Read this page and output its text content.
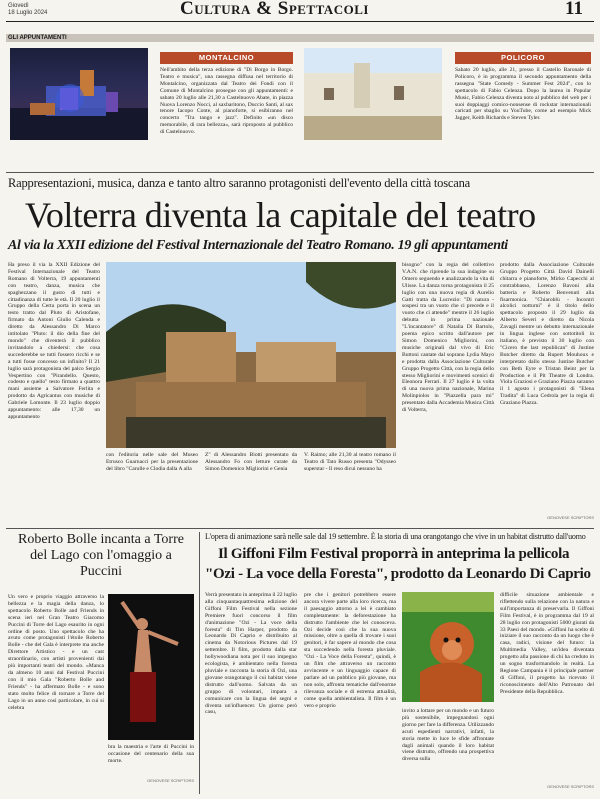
Giovedì
18 Luglio 2024	Cultura & Spettacoli	11
GLI APPUNTAMENTI
MONTALCINO
Nell'ambito della terza edizione di "Di Borgo in Borgo. Teatro e musica", una rassegna diffusa nel territorio di Montalcino, organizzata dal Teatro dei Fondi con il Comune di Montalcino prosegue con gli appuntamenti: e sabato 20 luglio alle 21,30 a Castelnuovo Abate, in piazza Nuova Lorenzo Nocci, al saxbaritono, Duccio Santi, al sax tenore Iacopo Conte, al pianoforte, si esibiranno nel concerto "Tra tango e jazz". Definito «un disco memorabile, di rara bellezza», sarà riproposto al pubblico di Castelnuovo.
POLICORO
Sabato 20 luglio, alle 21, presso il Castello Baronale di Policoro, è in programma il secondo appuntamento della rassegna "State Comedy - Summer Fest 2024", con lo spettacolo di Fabio Celenza. Dopo la laurea in Popular Music, Fabio Celenza diventa noto al pubblico del web per i suoi doppiaggi comico-nonsense di rockstar internazionali caricati per sbaglio su YouTube, come ad esempio Mick Jagger, Keith Richards e Steven Tyler.
Rappresentazioni, musica, danza e tanto altro saranno protagonisti dell'evento della città toscana
Volterra diventa la capitale del teatro
Al via la XXII edizione del Festival Internazionale del Teatro Romano. 19 gli appuntamenti
Ha preso il via la XXII Edizione del Festival Internazionale del Teatro Romano di Volterra, 19 appuntamenti con teatro, danza, musica che spaghezzano il gusto di tutti e cittadinanza di tutte le età. Il 20 luglio il Gruppo della Certa porta in scena un testo tratto dal Pluto di Aristofane, firmato da Antoni Giulio Calenda e diretto da Alessandro Di Marco intitolato "Pluto: il dio della fine del mondo" che diventerà il pubblico invitandolo a chiedersi: che cosa succederebbe se tutti fossero ricchi e se a tutti fosse concesso un infinito? Il 21 luglio sarà protagonista del palco Sergio Vespertino con "Pirandello. Questo, codesto e quello" testo firmato a quattro mani assieme a Salvatore Ferlita e prodotto da Agricantus con musiche di Gabriele Lomonte. Il 23 luglio doppio appuntamento: alle 17,30 un appuntamento
con l'editoria nelle sale del Museo Etrusco Guarnacci per la presentazione del libro "Carulle e Clodia dalla A alla
Z" di Alessandro Biotti presentato da Alessandro Fo con letture curate da Simon Domenico Migliorini e Genia
V. Raimo; alle 21,30 al teatro romano il Teatro di Tato Russo presenta "Odysseo superstar - Il reso dicui nessuno ha
bisogno" con la regia del collettivo V.A.N. che riprende la sua indagine su Omero seguendo e analizzando la vita di Ulisse. La danza torna protagonista il 25 luglio con una nuova regia di Aurelio Gatti tratta da Lucrezio: "Di natura - sospesi tra un vuoto che ci precede e il vuoto che ci attende" mentre il 26 luglio debutta in prima nazionale "L'incantatore" di Natalia Di Bartolo, poema epico scritto dall'autore per Simon Domenico Migliorini, con musiche originali dal vivo di Eric Buttoni cantate dal soprano Lydia Mayo e prodotta dalla Associazione Culturale Gruppo Progetto Città, con la regia dello stesso Migliorini e movimenti scenici di Eleonora Ferrari. Il 27 luglio è la volta di una nuova prima nazionale, Marina Molinpiolos in "Piazzella para mi" presentato dalla Accademia Musica Città di Volterra,
prodotto dalla Associazione Culturale Gruppo Progetto Città David Dainelli chitarra e pianoforte, Mirko Capecchi al contrabbasso, Lorenzo Bavoni alla batteria e Roberto Benvenuti alla fisarmonica. "Chiaroblù - Incontri alcolici notturni" è il titolo dello spettacolo proposto il 29 luglio da Alberto Severi e diretto da Nicola Zavagli mentre un debutto internazionale in lingua inglese con sottotitoli in italiano, è previsto il 30 luglio con "Cicero the last republican" di Justine Butcher diretto da Rupert Mouhoux e interpretato dallo stesso Justine Butcher con Beth Eyre e Tristan Beint per la Production e il Pit Theatre di Londra. Viola Graziosi e Graziano Piazza saranno il 1 agosto i protagonisti di "Elena Tradita" di Luca Cedrola per la regia di Graziano Piazza.
GENOVESE SCRIPTORS
Roberto Bolle incanta a Torre del Lago con l'omaggio a Puccini
Un vero e proprio viaggio attraverso la bellezza e la magia della danza, lo spettacolo Roberto Bolle and Friends in scena ieri nel Gran Teatro Giacomo Puccini di Torre del Lago esaurito in ogni ordine di posto. Uno spettacolo che ha avuto come protagonisti l'étoile Roberto Bolle - che del Gala è interprete ma anche Direttore Artistico - e un cast straordinario, con artisti provenienti dai più importanti teatri del mondo. «Manca da almeno 10 anni dal Festival Puccini con il mio Gala "Roberto Bolle and Friends" - ha affermato Bolle - e sono stato molto felice di tornare a Torre del Lago in un anno così particolare, in cui si celebra
bra la maestria e l'arte di Puccini in occasione del centenario della sua morte.
GENOVESE SCRIPTORS
L'opera di animazione sarà nelle sale dal 19 settembre. È la storia di una orangotango che vive in un habitat distrutto dall'uomo
Il Giffoni Film Festival proporrà in anteprima la pellicola
"Ozi - La voce della Foresta", prodotto da Leonardo Di Caprio
Verrà presentato in anteprima il 22 luglio alla cinquantaquattresima edizione del Giffoni Film Festival nella sezione Premiere fuori concorso il film d'animazione "Ozi - La voce della foresta" di Tim Harper, prodotto da Leonardo Di Caprio e distribuito al cinema da Notorious Pictures dal 19 settembre. Il film, prodotto dalla star hollywoodiana nota per il suo impegno ecologista, è ambientato nella foresta pluviale e racconta la storia di Ozi, una giovane orangotango il cui habitat viene distrutto dall'uomo. Salvata da un gruppo di volontari, impara a comunicare con la lingua dei segni e diventa un'influencer. Un giorno però casu,
pre che i genitori potrebbero essere ancora vivere parte alla loro ricerca, ma il paesaggio attorno a lei è cambiato completamente: la deforestazione ha distrutto l'ambiente che lei conosceva. Ozi decide così che la sua nuova missione, oltre a quella di trovare i suoi genitori, è far sapere al mondo che cosa sta succedendo nella foresta pluviale. "Ozi - La Voce della Foresta", quindi, è un film che attraverso un racconto avvincente e un linguaggio capace di parlare ad un pubblico più giovane, ma non solo, affronta tematiche dall'enorme rilevanza sociale e di estrema attualità, come quella ambientalista. Il film è un vero e proprio
invito a lottare per un mondo e un futuro più sostenibile, impegnandosi ogni giorno per fare la differenza. Utilizzando acuti espedienti narrativi, infatti, la storia mette in luce le sfide affrontate dagli animali quando il loro habitat viene distrutto, offrendo una prospettiva diversa sulla
difficile situazione ambientale e riflettendo sulla relazione con la natura e sull'importanza di preservarla. Il Giffoni Film Festival, è in programma dal 19 al 28 luglio con protagonisti 5000 giurati da 33 Paesi del mondo. «Giffoni ha scelto di iniziare il suo racconto da un luogo che è casa, radici, visione del futuro: la Multimedia Valley, un'idea diventata progetto alla passione di chi ha creduto in un sogno trasformandolo in realtà. La Regione Campania è il principale partner di Giffoni, il progetto ha ricevuto il riconoscimento dell'Alto Patronato del Presidente della Repubblica.
GENOVESE SCRIPTORS
